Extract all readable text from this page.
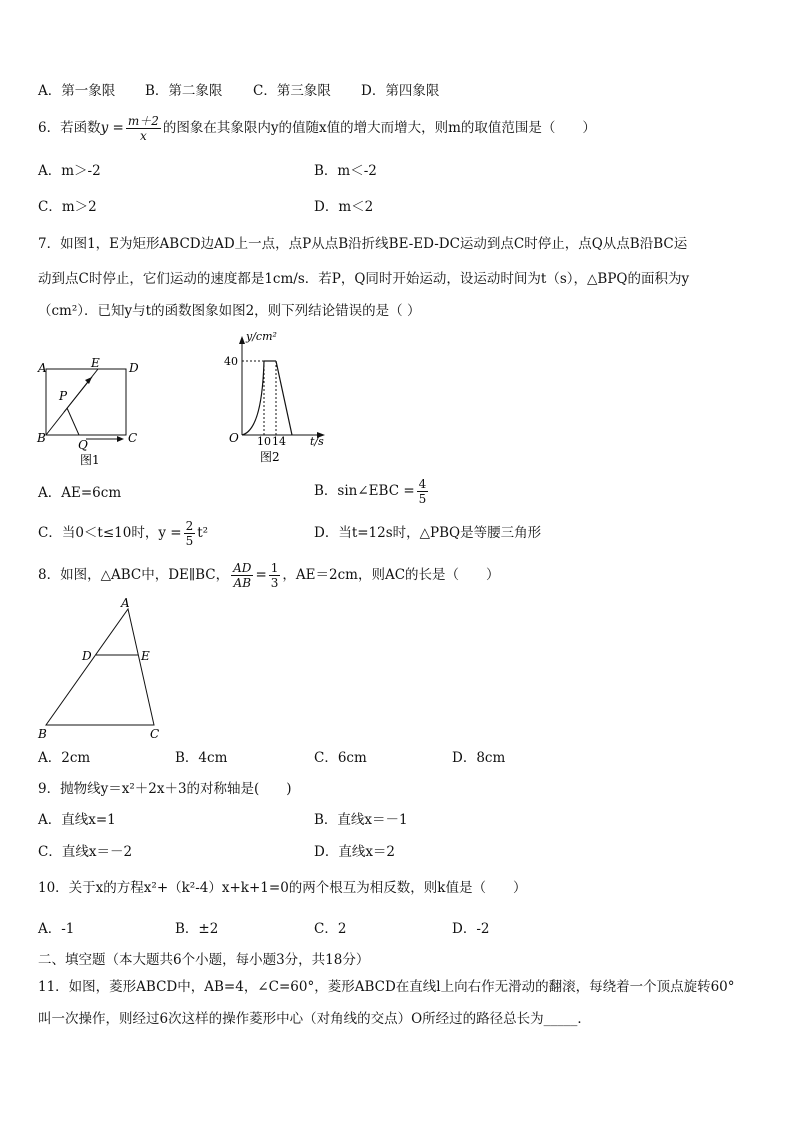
A．第一象限 B．第二象限 C．第三象限 D．第四象限
6．若函数$y = \frac{m+2}{x}$ 的图象在其象限内y的值随x值的增大而增大，则m的取值范围是（　　）
A．m＞-2	B．m＜-2
C．m＞2	D．m＜2
7．如图1，E为矩形ABCD边AD上一点，点P从点B沿折线BE-ED-DC运动到点C时停止，点Q从点B沿BC运
动到点C时停止，它们运动的速度都是1cm/s．若P，Q同时开始运动，设运动时间为t（s），△BPQ的面积为y
（cm²）．已知y与t的函数图象如图2，则下列结论错误的是（ ）
A	E D
P
B	Q	C
图1
y/cm²
40
O 10 14 t/s
图2
A．AE=6cm	B．sin∠EBC = $\frac{4}{5}$
C．当0＜t≤10时，$y = \frac{2}{5} t^2$	D．当t=12s时，△PBQ是等腰三角形
8．如图，△ABC中，DE∥BC， $\frac{AD}{AB} = \frac{1}{3}$ ，AE＝2cm，则AC的长是（　　）
A
D	E
B	C
A．2cm	B．4cm	C．6cm	D．8cm
9．抛物线y＝x²＋2x＋3的对称轴是(　　)
A．直线x=1	B．直线x＝－1
C．直线x＝－2	D．直线x＝2
10．关于x的方程x²+（k²-4）x+k+1=0的两个根互为相反数，则k值是（　　）
A．-1	B．±2	C．2	D．-2
二、填空题（本大题共6个小题，每小题3分，共18分）
11．如图，菱形ABCD中，AB=4，∠C=60°，菱形ABCD在直线l上向右作无滑动的翻滚，每绕着一个顶点旋转60°
叫一次操作，则经过6次这样的操作菱形中心（对角线的交点）O所经过的路径总长为_____．
